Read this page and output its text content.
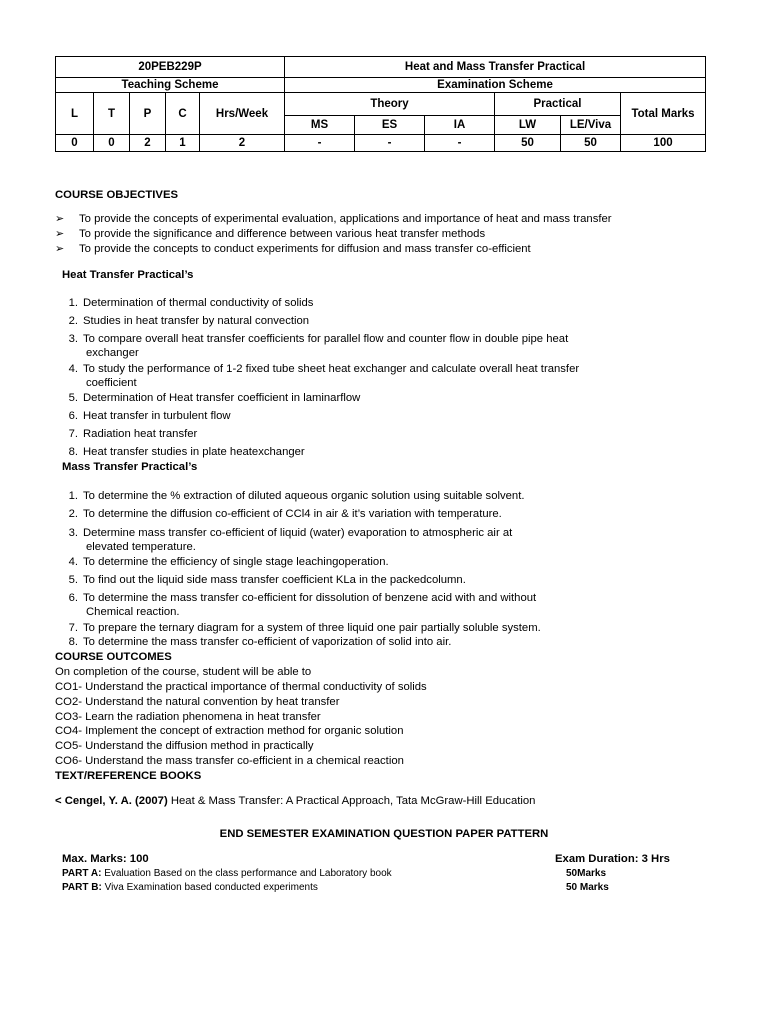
20PEB229P					Heat and Mass Transfer Practical					
Teaching Scheme					Examination Scheme					
L	T	P	C	Hrs/Week	Theory			Practical		Total Marks
					MS	ES	IA	LW	LE/Viva	
0	0	2	1	2	-	-	-	50	50	100
COURSE OBJECTIVES
➢ To provide the concepts of experimental evaluation, applications and importance of heat and mass transfer
➢ To provide the significance and difference between various heat transfer methods
➢ To provide the concepts to conduct experiments for diffusion and mass transfer co-efficient
Heat Transfer Practical’s
1. Determination of thermal conductivity of solids
2. Studies in heat transfer by natural convection
3. To compare overall heat transfer coefficients for parallel flow and counter flow in double pipe heat
exchanger
4. To study the performance of 1-2 fixed tube sheet heat exchanger and calculate overall heat transfer
coefficient
5. Determination of Heat transfer coefficient in laminarflow
6. Heat transfer in turbulent flow
7. Radiation heat transfer
8. Heat transfer studies in plate heatexchanger
Mass Transfer Practical’s
1. To determine the % extraction of diluted aqueous organic solution using suitable solvent.
2. To determine the diffusion co-efficient of CCl4 in air & it’s variation with temperature.
3. Determine mass transfer co-efficient of liquid (water) evaporation to atmospheric air at
elevated temperature.
4. To determine the efficiency of single stage leachingoperation.
5. To find out the liquid side mass transfer coefficient KLa in the packedcolumn.
6. To determine the mass transfer co-efficient for dissolution of benzene acid with and without
Chemical reaction.
7. To prepare the ternary diagram for a system of three liquid one pair partially soluble system.
8. To determine the mass transfer co-efficient of vaporization of solid into air.
COURSE OUTCOMES
On completion of the course, student will be able to
CO1- Understand the practical importance of thermal conductivity of solids
CO2- Understand the natural convention by heat transfer
CO3- Learn the radiation phenomena in heat transfer
CO4- Implement the concept of extraction method for organic solution
CO5- Understand the diffusion method in practically
CO6- Understand the mass transfer co-efficient in a chemical reaction
TEXT/REFERENCE BOOKS
< Cengel, Y. A. (2007) Heat & Mass Transfer: A Practical Approach, Tata McGraw-Hill Education
END SEMESTER EXAMINATION QUESTION PAPER PATTERN
Max. Marks: 100	Exam Duration: 3 Hrs
PART A: Evaluation Based on the class performance and Laboratory book	50Marks
PART B: Viva Examination based conducted experiments	50 Marks
